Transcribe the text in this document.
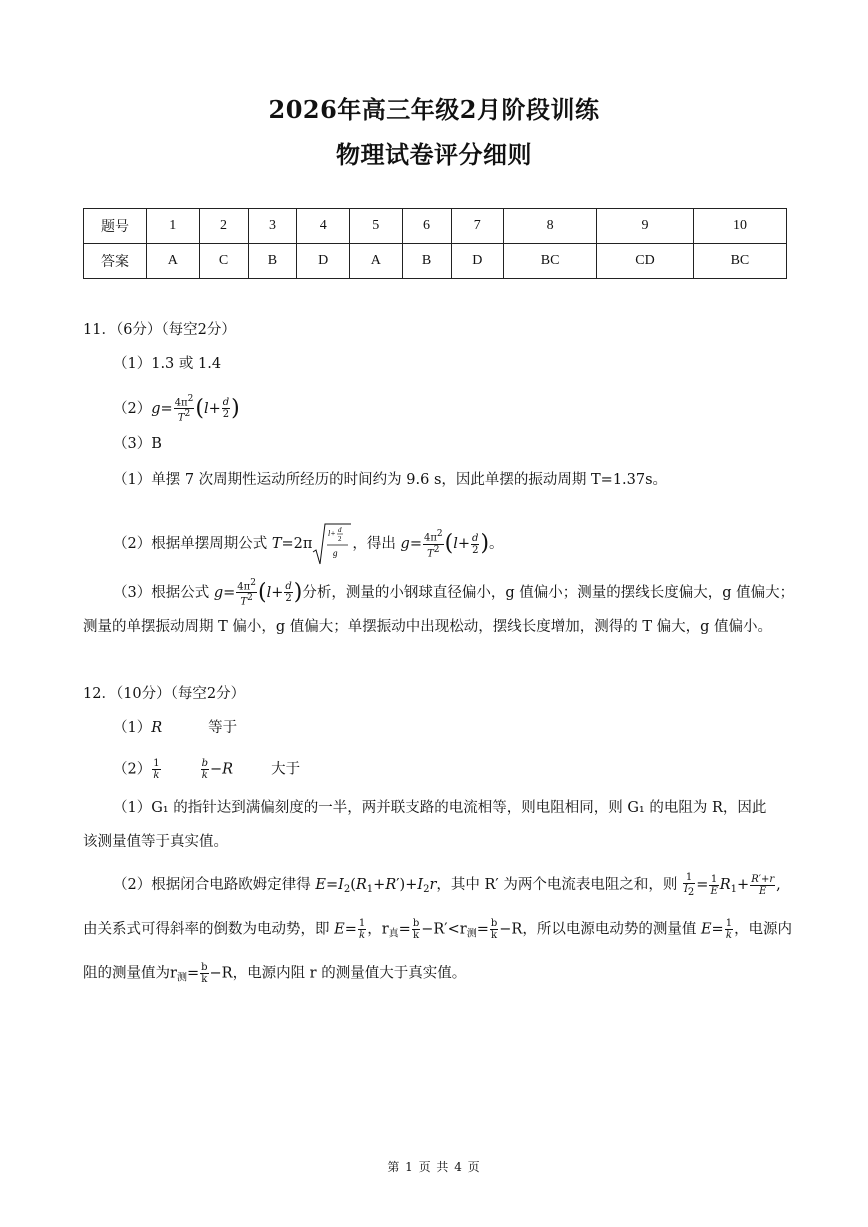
2026年高三年级2月阶段训练
物理试卷评分细则
题号	1	2	3	4	5	6	7	8	9	10
答案	A	C	B	D	A	B	D	BC	CD	BC
11．（6分）（每空2分）
（1）1.3 或 1.4
$(2)g= \frac{4\pi^2}{T^2} (l+ \frac{d}{2}$ )
（3）B
（1）单摆 7 次周期性运动所经历的时间约为 9.6 s，因此单摆的振动周期 T=1.37s。
（2）根据单摆周期公式 T=2π
l+ d
2
g
，得出 $g= \frac{4\pi^2}{T^2} (l+ \frac{d}{2}$ )。
（3）根据公式 $g= \frac{4\pi^2}{T^2} (l+ \frac{d}{2}$ )分析，测量的小钢球直径偏小，g 值偏小；测量的摆线长度偏大，g 值偏大；
测量的单摆振动周期 T 偏小，g 值偏大；单摆振动中出现松动，摆线长度增加，测得的 T 偏大，g 值偏小。
12．（10分）（每空2分）
（1）R	等于
$(2) \frac{1}{k}$	$\frac{b}{k} -R$	大于
（1）G₁ 的指针达到满偏刻度的一半，两并联支路的电流相等，则电阻相同，则 G₁ 的电阻为 R，因此
该测量值等于真实值。
（2）根据闭合电路欧姆定律得 $E=I_2(R_1+R')+I_2r$，其中 R′ 为两个电流表电阻之和，则 $\frac{1}{I_2} = \frac{1}{E} R_1+ \frac{R'+r}{E}$ ,
由关系式可得斜率的倒数为电动势，即 $E= \frac{1}{k}$ ，$r_真= \frac{b}{k} -R'<r_测= \frac{b}{k} -R$，所以电源电动势的测量值 $E= \frac{1}{k}$ ，电源内
阻的测量值为$r_测= \frac{b}{k} -R$，电源内阻 r 的测量值大于真实值。
第 1 页 共 4 页
